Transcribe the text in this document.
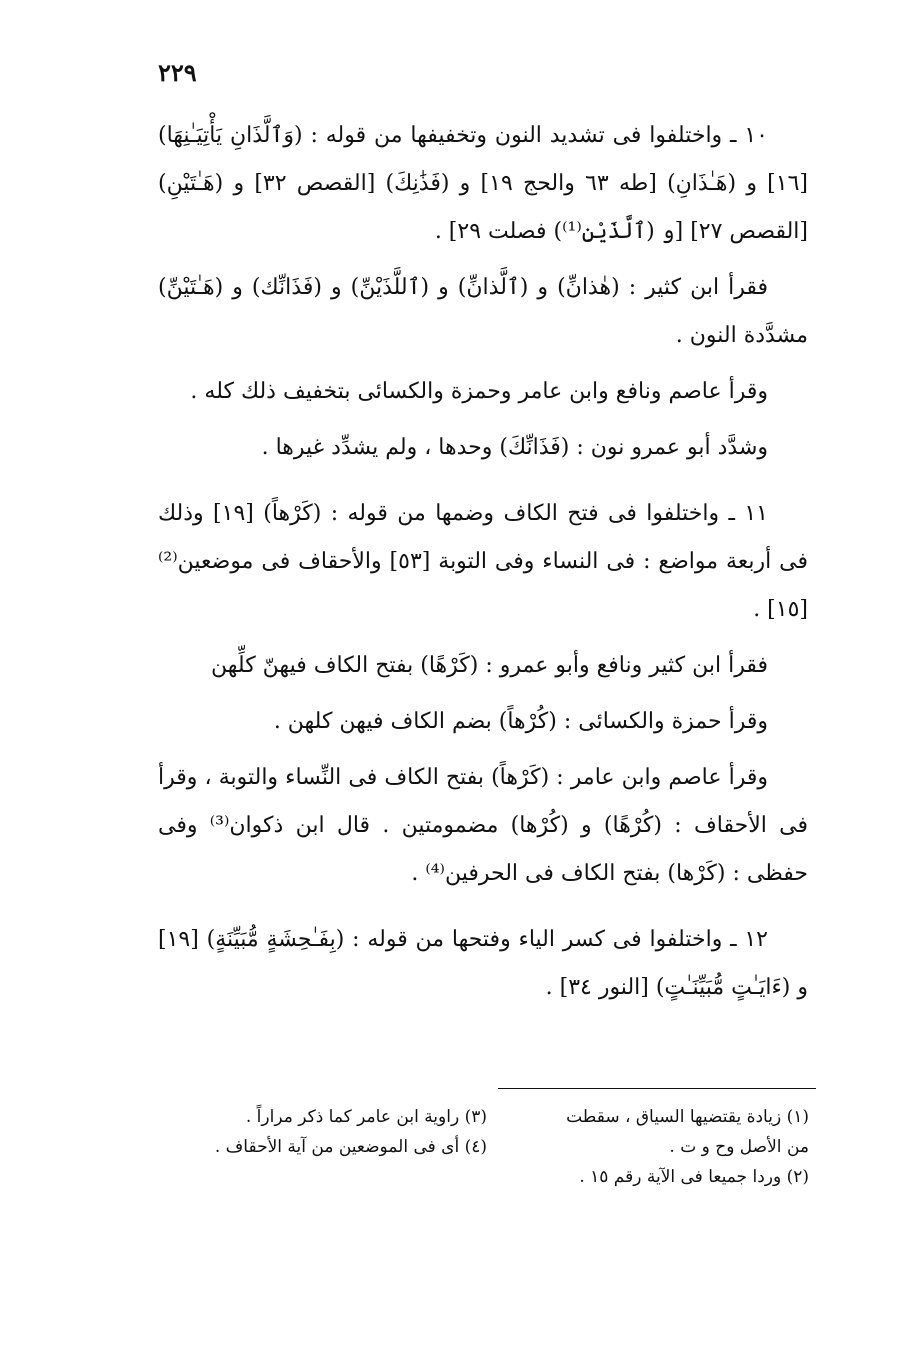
٢٢٩

١٠ ـ واختلفوا فى تشديد النون وتخفيفها من قوله : (وَٱلَّذَانِ يَأْتِيَـٰنِهَا) [١٦] و (هَـٰذَانِ) [طه ٦٣ والحج ١٩] و (فَذَٰنِكَ) [القصص ٣٢] و (هَـٰتَيْنِ) [القصص ٢٧] [و (ٱلَّذَيْنِ⁽¹⁾) فصلت ٢٩] .

فقرأ ابن كثير : (هٰذانِّ) و (ٱلَّذانِّ) و (ٱللَّذَيْنِّ) و (فَذَانِّك) و (هَـٰتَيْنِّ) مشدَّدة النون .

وقرأ عاصم ونافع وابن عامر وحمزة والكسائى بتخفيف ذلك كله .

وشدَّد أبو عمرو نون : (فَذَانِّكَ) وحدها ، ولم يشدِّد غيرها .

١١ ـ واختلفوا فى فتح الكاف وضمها من قوله : (كَرْهاً) [١٩] وذلك فى أربعة مواضع : فى النساء وفى التوبة [٥٣] والأحقاف فى موضعين⁽²⁾ [١٥] .

فقرأ ابن كثير ونافع وأبو عمرو : (كَرْهًا) بفتح الكاف فيهنّ كلِّهن

وقرأ حمزة والكسائى : (كُرْهاً) بضم الكاف فيهن كلهن .

وقرأ عاصم وابن عامر : (كَرْهاً) بفتح الكاف فى النِّساء والتوبة ، وقرأ فى الأحقاف : (كُرْهًا) و (كُرْها) مضمومتين . قال ابن ذكوان⁽³⁾ وفى حفظى : (كَرْها) بفتح الكاف فى الحرفين⁽⁴⁾ .

١٢ ـ واختلفوا فى كسر الياء وفتحها من قوله : (بِفَـٰحِشَةٍ مُّبَيِّنَةٍ) [١٩] و (ءَايَـٰتٍ مُّبَيِّنَـٰتٍ) [النور ٣٤] .

(١) زيادة يقتضيها السياق ، سقطت
من الأصل وح و ت .
(٢) وردا جميعا فى الآية رقم ١٥ .
(٣) راوية ابن عامر كما ذكر مراراً .
(٤) أى فى الموضعين من آية الأحقاف .
